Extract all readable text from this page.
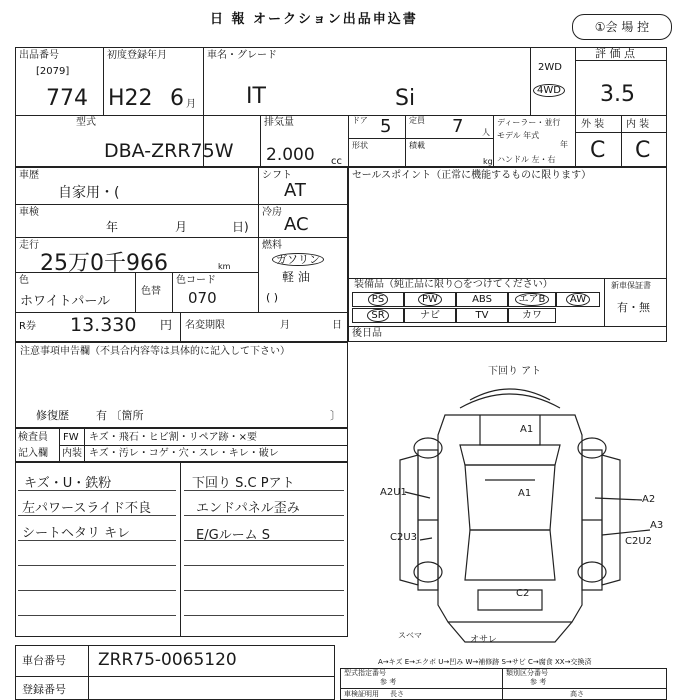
日 報 オークション出品申込書	①会 場 控
出品番号
[2079]
774
初度登録年月
H22 6 月
車名・グレード
IT	Si
2WD
4WD
評 価 点
3.5
外 装 内 装
C C
型式
DBA-ZRR75W
排気量
2.000 cc
ドア 5 定員 7 人
形状	積載
kg
ディーラー・並行
モデル 年式
年
ハンドル 左・右
車歴
自家用・(
シフト
AT
車検
年	月	日)
冷房
AC
走行
25万0千966	km
燃料
ガソリン
軽 油
( )
色
ホワイトパール
色替
色コード
070
R券 13.330 円 名変期限	月	日
セールスポイント（正常に機能するものに限ります）
装備品（純正品に限り○をつけてください）	新車保証書
有・無
PS	PW	ABS	エアB	AW
SR	ナビ	TV	カワ
後日品
注意事項申告欄（不具合内容等は具体的に記入して下さい）
修復歴 有 〔箇所	〕
検査員
記入欄
FW キズ・飛石・ヒビ割・リペア跡・×要
内装 キズ・汚レ・コゲ・穴・スレ・キレ・破レ
キズ・U・鉄粉
左パワースライド不良
シートヘタリ キレ
下回り S.C Pアト
エンドパネル歪み
E/Gルーム S
下回り アト
A1
A1
A2U1
A2
A3
C2U3	C2U2
C2
スベマ	オサレ
A→キズ E→エクボ U→凹み W→補修跡 S→サビ C→腐食 XX→交換済
車台番号 ZRR75-0065120
登録番号
型式指定番号
参 考
類別区分番号
参 考
車検証明用 長さ	高さ
